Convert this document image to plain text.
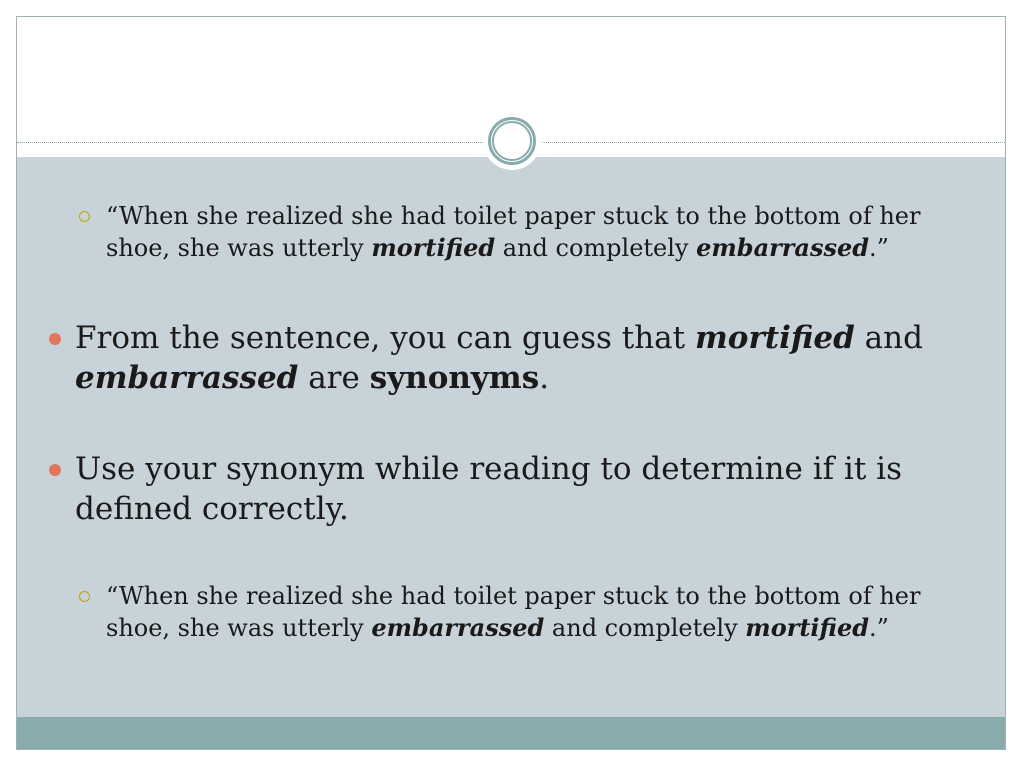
“When she realized she had toilet paper stuck to the bottom of her shoe, she was utterly mortified and completely embarrassed.”
From the sentence, you can guess that mortified and
embarrassed are synonyms.
Use your synonym while reading to determine if it is defined correctly.
“When she realized she had toilet paper stuck to the bottom of her shoe, she was utterly embarrassed and completely mortified.”
